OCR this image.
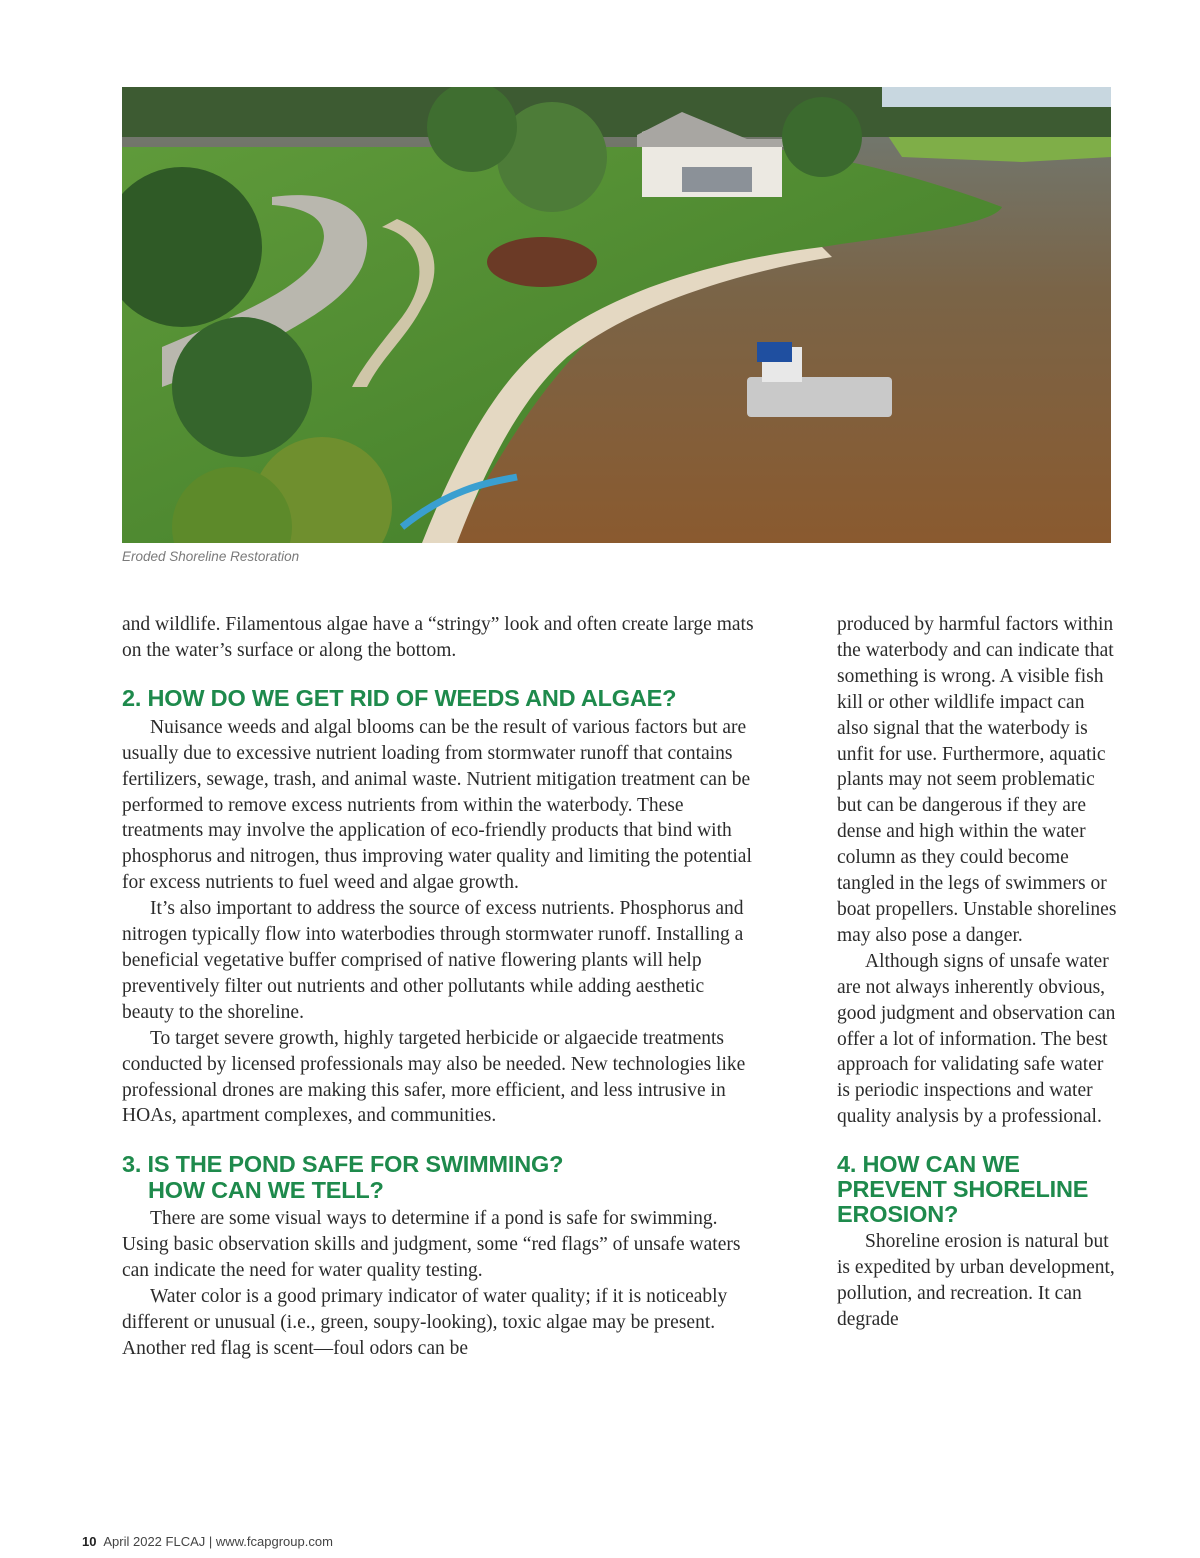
Eroded Shoreline Restoration

and wildlife. Filamentous algae have a “stringy” look and often create large mats on the water’s surface or along the bottom.

2. HOW DO WE GET RID OF WEEDS AND ALGAE?

Nuisance weeds and algal blooms can be the result of various factors but are usually due to excessive nutrient loading from stormwater runoff that contains fertilizers, sewage, trash, and animal waste. Nutrient mitigation treatment can be performed to remove excess nutrients from within the waterbody. These treatments may involve the application of eco-friendly products that bind with phosphorus and nitrogen, thus improving water quality and limiting the potential for excess nutrients to fuel weed and algae growth.

It’s also important to address the source of excess nutrients. Phosphorus and nitrogen typically flow into waterbodies through stormwater runoff. Installing a beneficial vegetative buffer comprised of native flowering plants will help preventively filter out nutrients and other pollutants while adding aesthetic beauty to the shoreline.

To target severe growth, highly targeted herbicide or algaecide treatments conducted by licensed professionals may also be needed. New technologies like professional drones are making this safer, more efficient, and less intrusive in HOAs, apartment complexes, and communities.

3. IS THE POND SAFE FOR SWIMMING?
HOW CAN WE TELL?

There are some visual ways to determine if a pond is safe for swimming. Using basic observation skills and judgment, some “red flags” of unsafe waters can indicate the need for water quality testing.

Water color is a good primary indicator of water quality; if it is noticeably different or unusual (i.e., green, soupy-looking), toxic algae may be present. Another red flag is scent—foul odors can be

produced by harmful factors within the waterbody and can indicate that something is wrong. A visible fish kill or other wildlife impact can also signal that the waterbody is unfit for use. Furthermore, aquatic plants may not seem problematic but can be dangerous if they are dense and high within the water column as they could become tangled in the legs of swimmers or boat propellers. Unstable shorelines may also pose a danger.

Although signs of unsafe water are not always inherently obvious, good judgment and observation can offer a lot of information. The best approach for validating safe water is periodic inspections and water quality analysis by a professional.

4. HOW CAN WE PREVENT SHORELINE EROSION?

Shoreline erosion is natural but is expedited by urban development, pollution, and recreation. It can degrade

10 April 2022 FLCAJ | www.fcapgroup.com
